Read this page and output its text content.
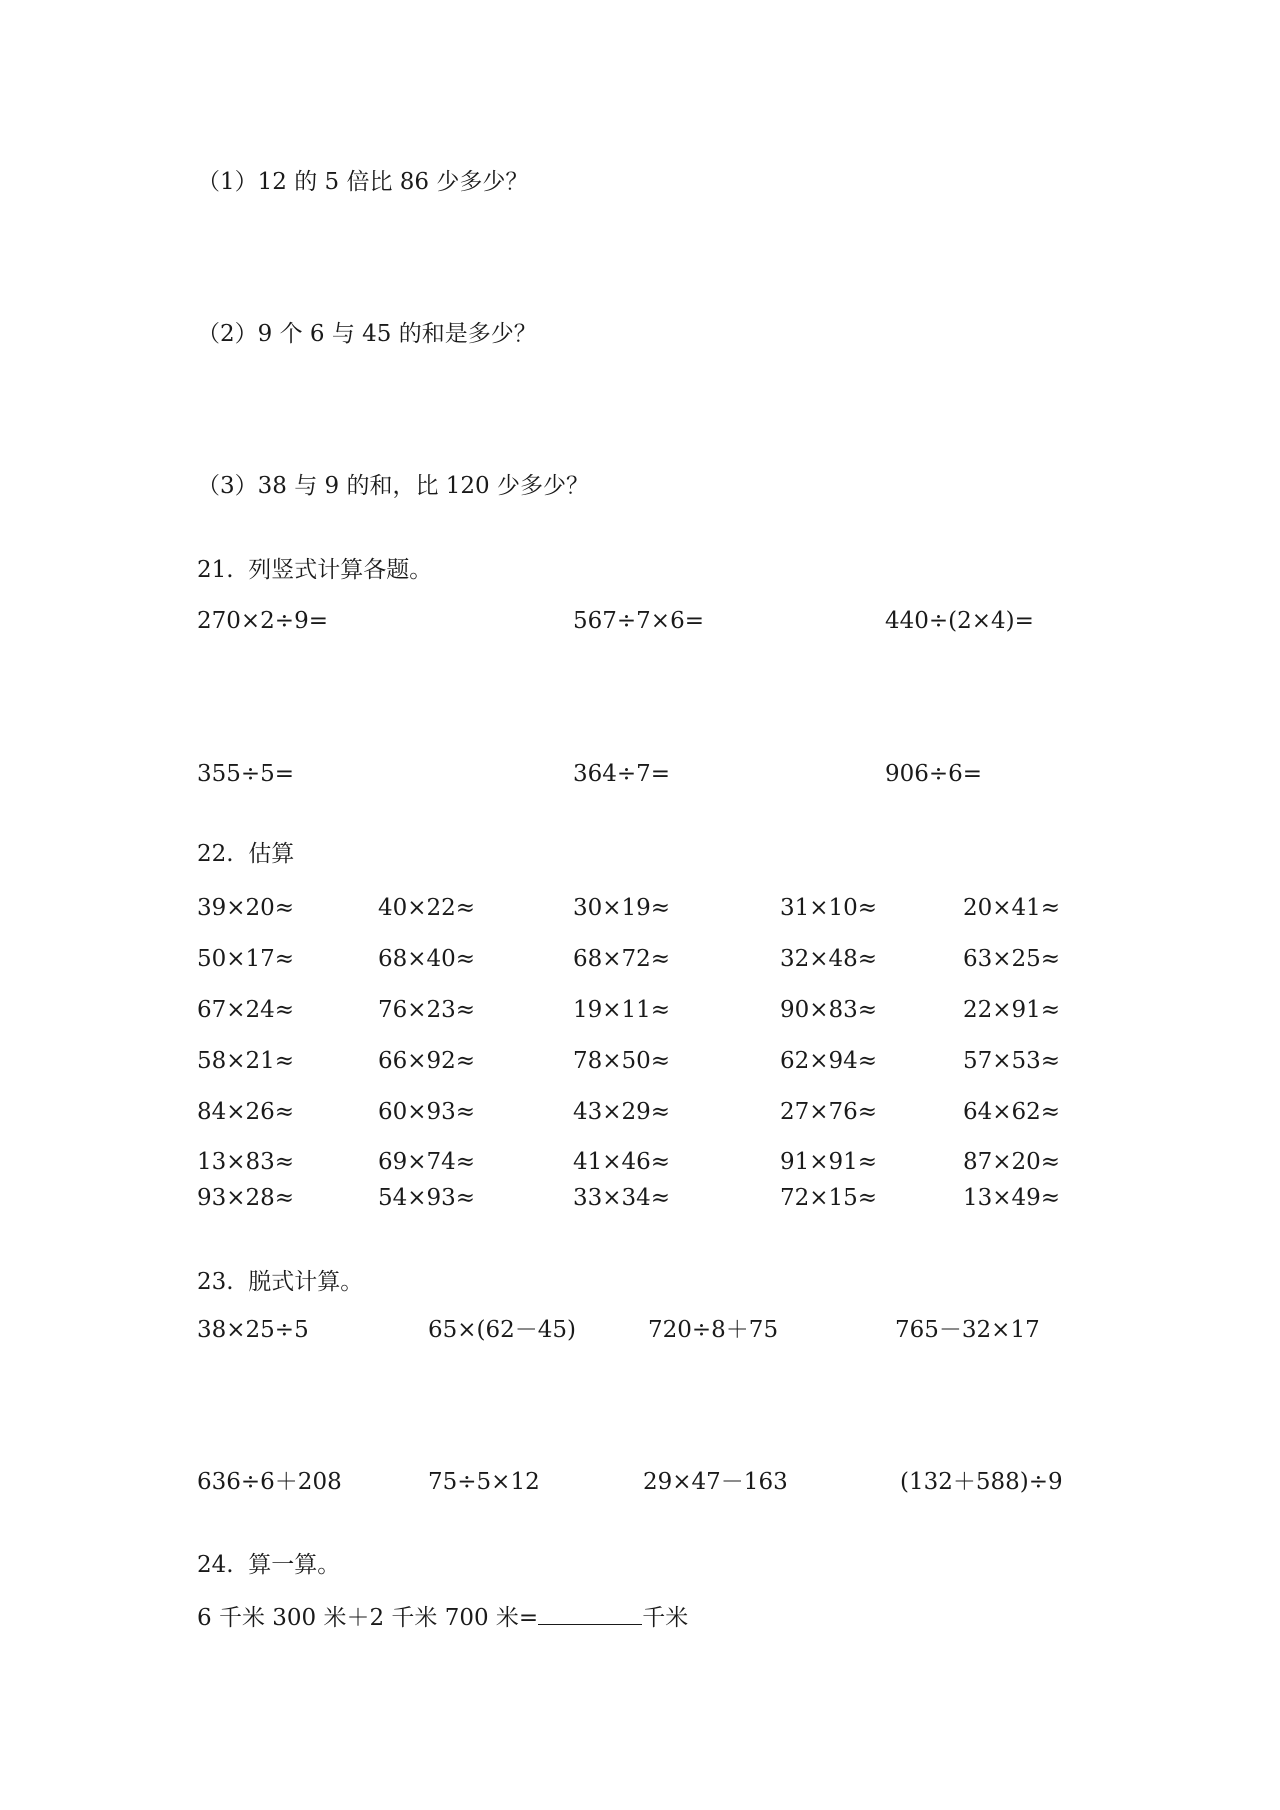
（1）12 的 5 倍比 86 少多少？
（2）9 个 6 与 45 的和是多少？
（3）38 与 9 的和，比 120 少多少？
21.  列竖式计算各题。
270×2÷9=	567÷7×6=	440÷(2×4)=
355÷5=	364÷7=	906÷6=
22.  估算
39×20≈	40×22≈	30×19≈	31×10≈	20×41≈
50×17≈	68×40≈	68×72≈	32×48≈	63×25≈
67×24≈	76×23≈	19×11≈	90×83≈	22×91≈
58×21≈	66×92≈	78×50≈	62×94≈	57×53≈
84×26≈	60×93≈	43×29≈	27×76≈	64×62≈
13×83≈	69×74≈	41×46≈	91×91≈	87×20≈
93×28≈	54×93≈	33×34≈	72×15≈	13×49≈
23.  脱式计算。
38×25÷5	65×(62－45)	720÷8＋75	765－32×17
636÷6＋208	75÷5×12	29×47－163	(132＋588)÷9
24.  算一算。
6 千米 300 米＋2 千米 700 米=	千米
